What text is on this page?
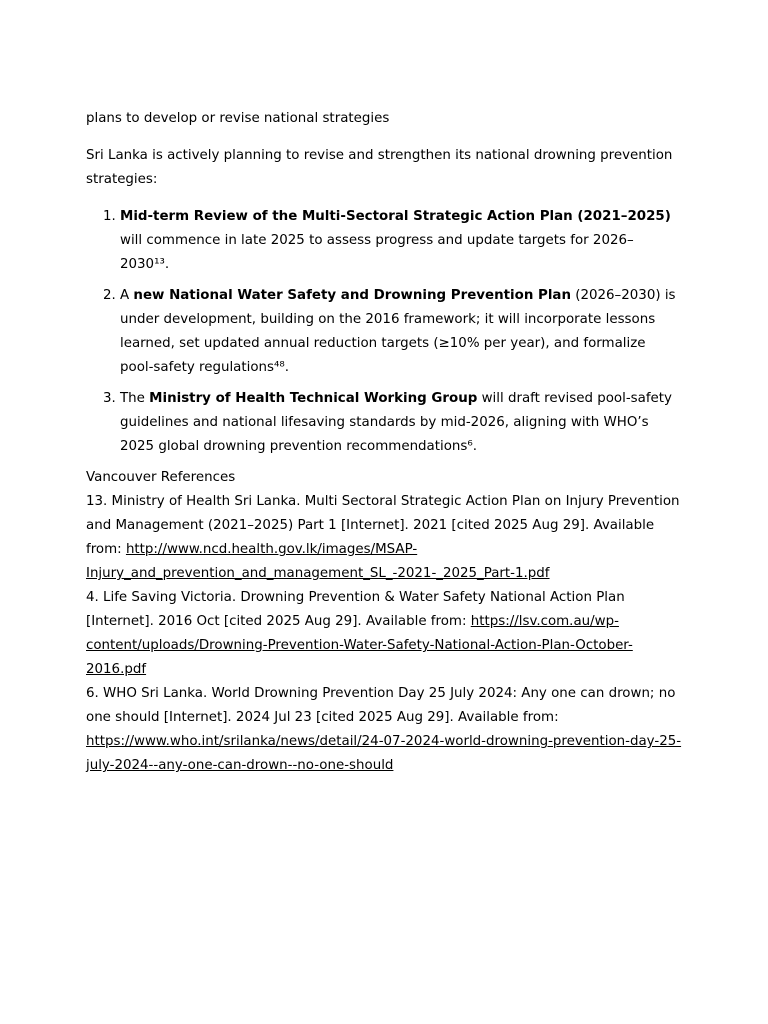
plans to develop or revise national strategies

Sri Lanka is actively planning to revise and strengthen its national drowning prevention strategies:

1. Mid-term Review of the Multi-Sectoral Strategic Action Plan (2021–2025) will commence in late 2025 to assess progress and update targets for 2026–2030¹³.
2. A new National Water Safety and Drowning Prevention Plan (2026–2030) is under development, building on the 2016 framework; it will incorporate lessons learned, set updated annual reduction targets (≥10% per year), and formalize pool-safety regulations⁴⁸.
3. The Ministry of Health Technical Working Group will draft revised pool-safety guidelines and national lifesaving standards by mid-2026, aligning with WHO’s 2025 global drowning prevention recommendations⁶.

Vancouver References

13. Ministry of Health Sri Lanka. Multi Sectoral Strategic Action Plan on Injury Prevention and Management (2021–2025) Part 1 [Internet]. 2021 [cited 2025 Aug 29]. Available from: http://www.ncd.health.gov.lk/images/MSAP-Injury_and_prevention_and_management_SL_-2021-_2025_Part-1.pdf

4. Life Saving Victoria. Drowning Prevention & Water Safety National Action Plan [Internet]. 2016 Oct [cited 2025 Aug 29]. Available from: https://lsv.com.au/wp-content/uploads/Drowning-Prevention-Water-Safety-National-Action-Plan-October-2016.pdf

6. WHO Sri Lanka. World Drowning Prevention Day 25 July 2024: Any one can drown; no one should [Internet]. 2024 Jul 23 [cited 2025 Aug 29]. Available from: https://www.who.int/srilanka/news/detail/24-07-2024-world-drowning-prevention-day-25-july-2024--any-one-can-drown--no-one-should
